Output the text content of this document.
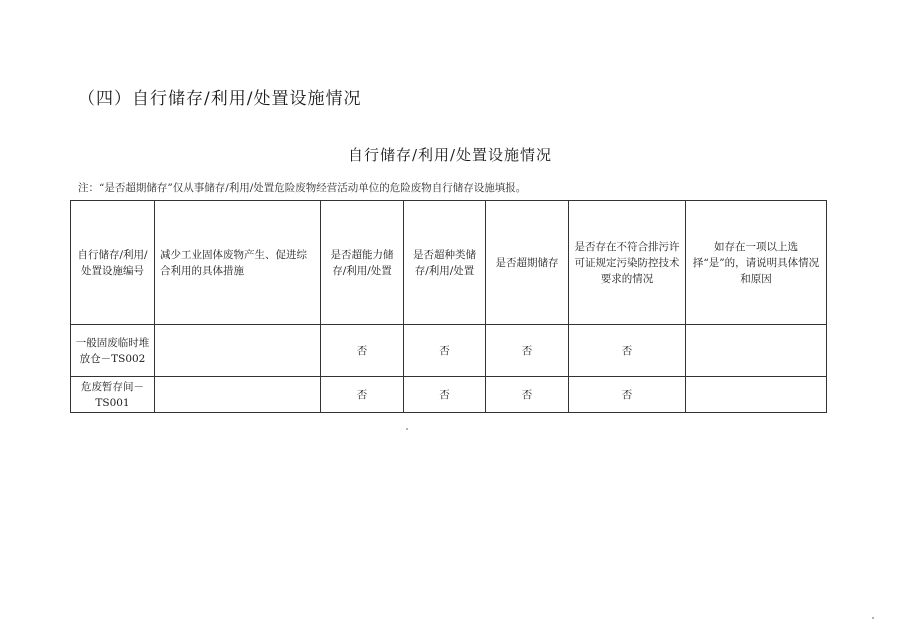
（四）自行储存/利用/处置设施情况
自行储存/利用/处置设施情况
注：“是否超期储存”仅从事储存/利用/处置危险废物经营活动单位的危险废物自行储存设施填报。
自行储存/利用/处置设施编号	减少工业固体废物产生、促进综合利用的具体措施	是否超能力储存/利用/处置	是否超种类储存/利用/处置	是否超期储存	是否存在不符合排污许可证规定污染防控技术要求的情况	如存在一项以上选择“是”的，请说明具体情况和原因
一般固废临时堆放仓－TS002		否	否	否	否	
危废暂存间－TS001		否	否	否	否	
